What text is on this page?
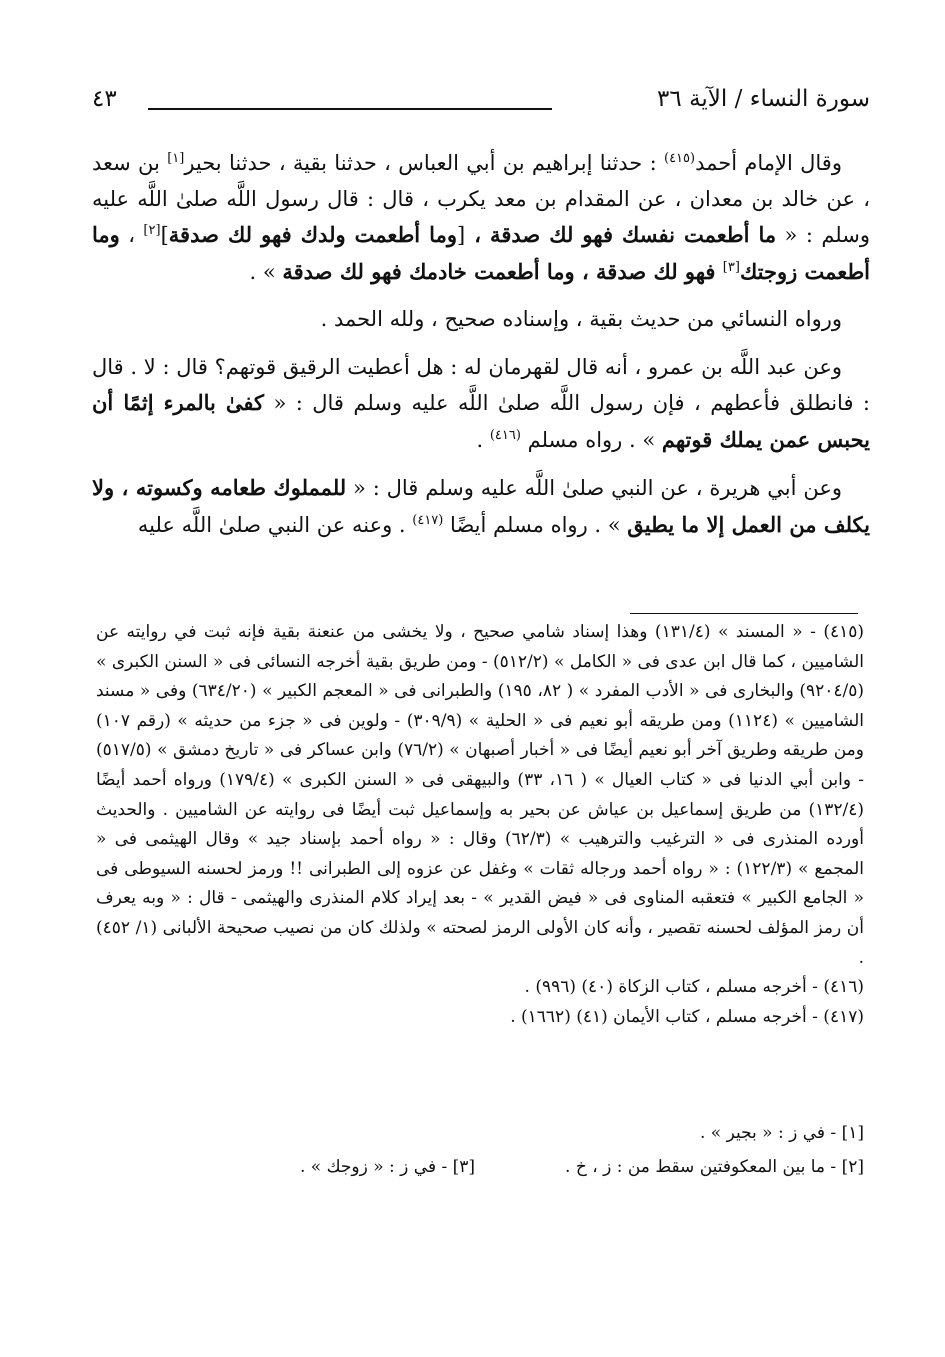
سورة النساء / الآية ٣٦
٤٣

وقال الإمام أحمد$^{(٤١٥)}$ : حدثنا إبراهيم بن أبي العباس ، حدثنا بقية ، حدثنا بحير[١] بن سعد ، عن خالد بن معدان ، عن المقدام بن معد يكرب ، قال : قال رسول اللَّه صلىٰ اللَّه عليه وسلم : « ما أطعمت نفسك فهو لك صدقة ، [وما أطعمت ولدك فهو لك صدقة][٢] ، وما أطعمت زوجتك[٣] فهو لك صدقة ، وما أطعمت خادمك فهو لك صدقة » .

ورواه النسائي من حديث بقية ، وإسناده صحيح ، ولله الحمد .

وعن عبد اللَّه بن عمرو ، أنه قال لقهرمان له : هل أعطيت الرقيق قوتهم؟ قال : لا . قال : فانطلق فأعطهم ، فإن رسول اللَّه صلىٰ اللَّه عليه وسلم قال : « كفىٰ بالمرء إثمًا أن يحبس عمن يملك قوتهم » . رواه مسلم $^{(٤١٦)}$ .

وعن أبي هريرة ، عن النبي صلىٰ اللَّه عليه وسلم قال : « للمملوك طعامه وكسوته ، ولا يكلف من العمل إلا ما يطيق » . رواه مسلم أيضًا $^{(٤١٧)}$ . وعنه عن النبي صلىٰ اللَّه عليه

(٤١٥) - « المسند » (١٣١/٤) وهذا إسناد شامي صحيح ، ولا يخشى من عنعنة بقية فإنه ثبت في روايته عن الشاميين ، كما قال ابن عدى فى « الكامل » (٥١٢/٢) - ومن طريق بقية أخرجه النسائى فى « السنن الكبرى » (٩٢٠٤/٥) والبخارى فى « الأدب المفرد » ( ٨٢، ١٩٥) والطبرانى فى « المعجم الكبير » (٦٣٤/٢٠) وفى « مسند الشاميين » (١١٢٤) ومن طريقه أبو نعيم فى « الحلية » (٣٠٩/٩) - ولوين فى « جزء من حديثه » (رقم ١٠٧) ومن طريقه وطريق آخر أبو نعيم أيضًا فى « أخبار أصبهان » (٧٦/٢) وابن عساكر فى « تاريخ دمشق » (٥١٧/٥) - وابن أبي الدنيا فى « كتاب العيال » ( ١٦، ٣٣) والبيهقى فى « السنن الكبرى » (١٧٩/٤) ورواه أحمد أيضًا (١٣٢/٤) من طريق إسماعيل بن عياش عن بحير به وإسماعيل ثبت أيضًا فى روايته عن الشاميين . والحديث أورده المنذرى فى « الترغيب والترهيب » (٦٢/٣) وقال : « رواه أحمد بإسناد جيد » وقال الهيثمى فى « المجمع » (١٢٢/٣) : « رواه أحمد ورجاله ثقات » وغفل عن عزوه إلى الطبرانى !! ورمز لحسنه السيوطى فى « الجامع الكبير » فتعقبه المناوى فى « فيض القدير » - بعد إيراد كلام المنذرى والهيثمى - قال : « وبه يعرف أن رمز المؤلف لحسنه تقصير ، وأنه كان الأولى الرمز لصحته » ولذلك كان من نصيب صحيحة الألبانى (١/ ٤٥٢) .

(٤١٦) - أخرجه مسلم ، كتاب الزكاة (٤٠) (٩٩٦) .

(٤١٧) - أخرجه مسلم ، كتاب الأيمان (٤١) (١٦٦٢) .

[١] - في ز : « بجير » .
[٢] - ما بين المعكوفتين سقط من : ز ، خ .
[٣] - في ز : « زوجك » .
